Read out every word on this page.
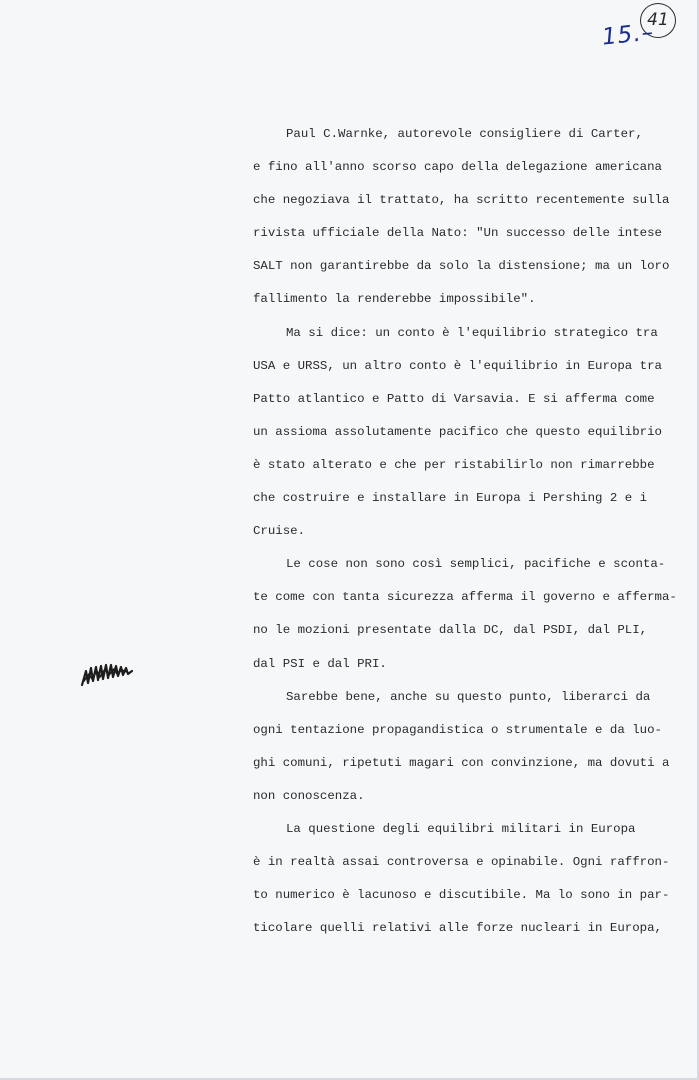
15.–
41
Paul C.Warnke, autorevole consigliere di Carter,
e fino all'anno scorso capo della delegazione americana
che negoziava il trattato, ha scritto recentemente sulla
rivista ufficiale della Nato: "Un successo delle intese
SALT non garantirebbe da solo la distensione; ma un loro
fallimento la renderebbe impossibile".
Ma si dice: un conto è l'equilibrio strategico tra
USA e URSS, un altro conto è l'equilibrio in Europa tra
Patto atlantico e Patto di Varsavia. E si afferma come
un assioma assolutamente pacifico che questo equilibrio
è stato alterato e che per ristabilirlo non rimarrebbe
che costruire e installare in Europa i Pershing 2 e i
Cruise.
Le cose non sono così semplici, pacifiche e sconta-
te come con tanta sicurezza afferma il governo e afferma-
no le mozioni presentate dalla DC, dal PSDI, dal PLI,
dal PSI e dal PRI.
Sarebbe bene, anche su questo punto, liberarci da
ogni tentazione propagandistica o strumentale e da luo-
ghi comuni, ripetuti magari con convinzione, ma dovuti a
non conoscenza.
La questione degli equilibri militari in Europa
è in realtà assai controversa e opinabile. Ogni raffron-
to numerico è lacunoso e discutibile. Ma lo sono in par-
ticolare quelli relativi alle forze nucleari in Europa,
